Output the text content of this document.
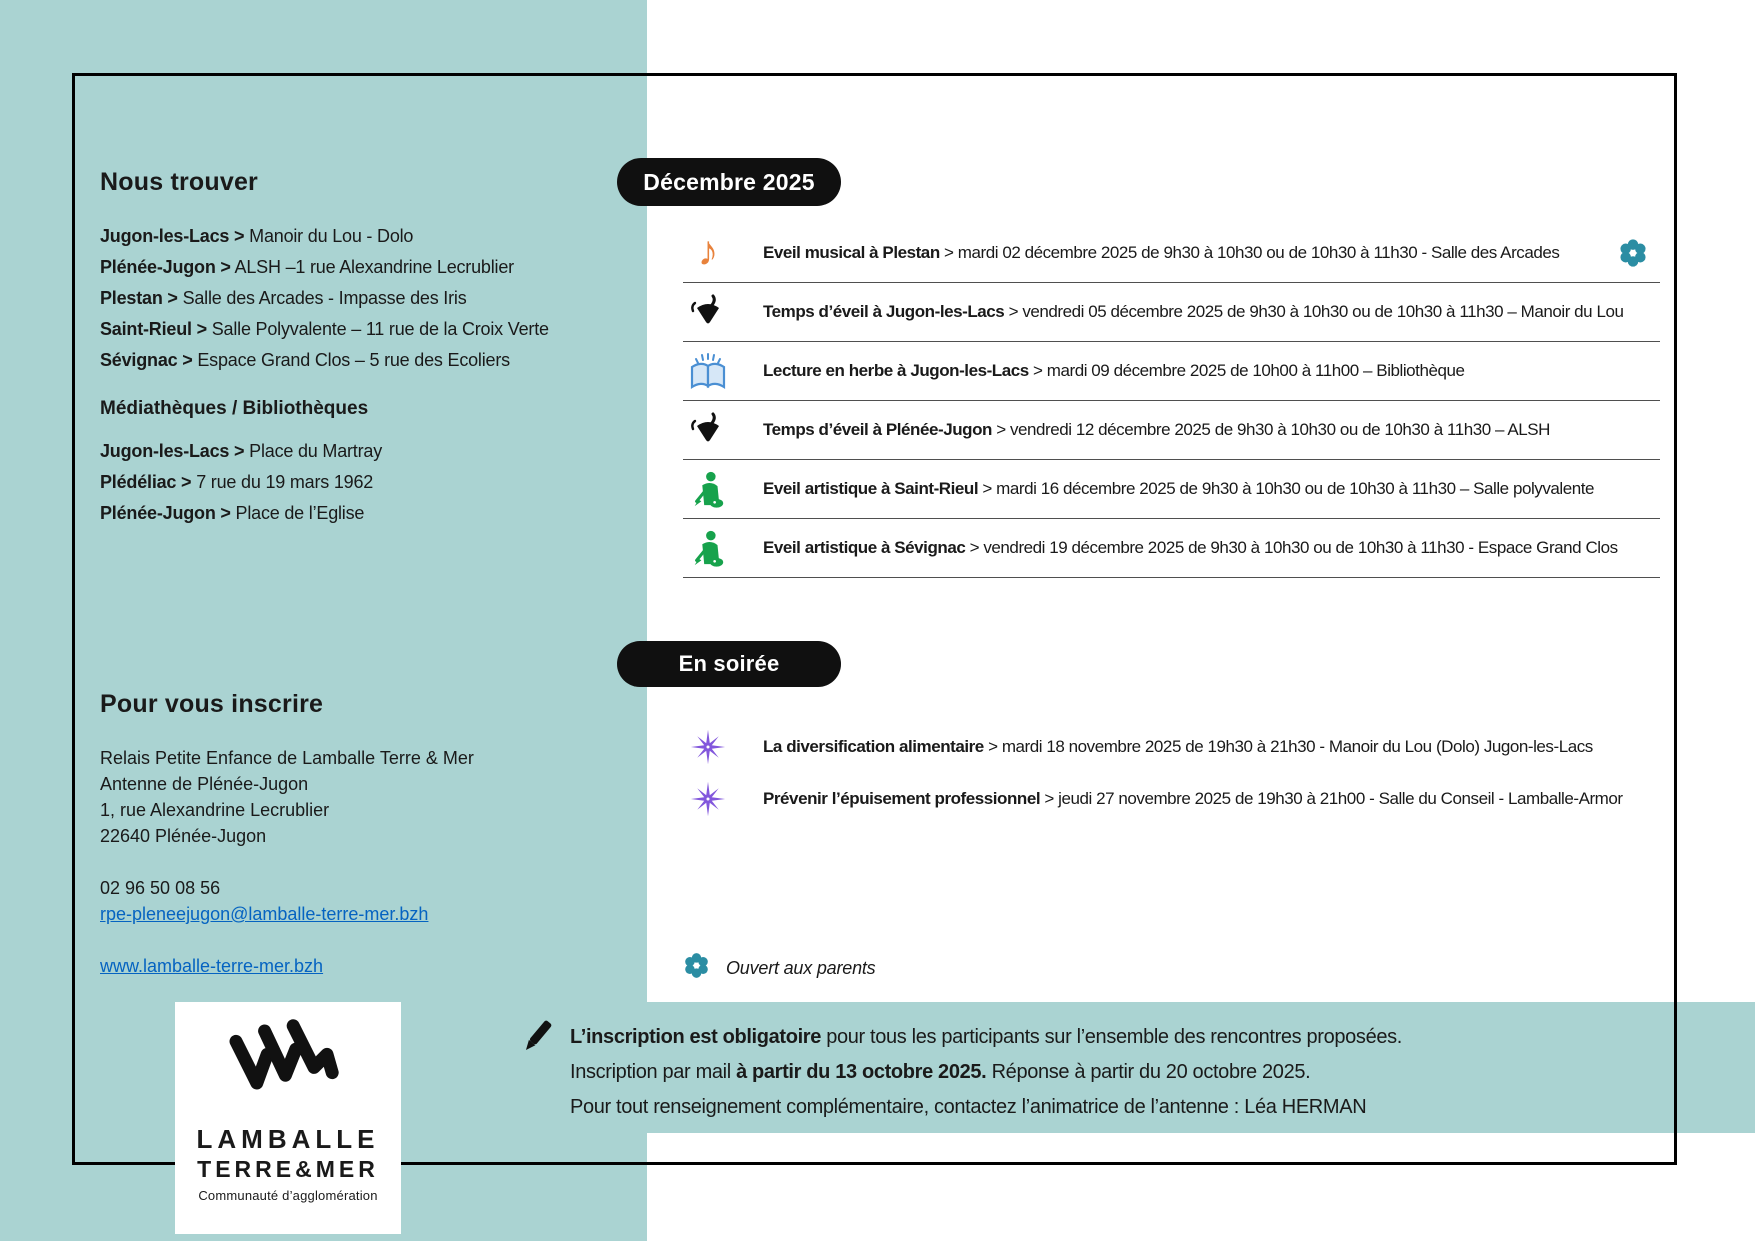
Nous trouver

Jugon-les-Lacs > Manoir du Lou - Dolo

Plénée-Jugon > ALSH –1 rue Alexandrine Lecrublier

Plestan > Salle des Arcades - Impasse des Iris

Saint-Rieul > Salle Polyvalente – 11 rue de la Croix Verte

Sévignac > Espace Grand Clos – 5 rue des Ecoliers

Médiathèques / Bibliothèques

Jugon-les-Lacs > Place du Martray

Plédéliac > 7 rue du 19 mars 1962

Plénée-Jugon > Place de l’Eglise

Pour vous inscrire
Relais Petite Enfance de Lamballe Terre & Mer
Antenne de Plénée-Jugon
1, rue Alexandrine Lecrublier
22640 Plénée-Jugon
02 96 50 08 56
rpe-pleneejugon@lamballe-terre-mer.bzh
www.lamballe-terre-mer.bzh
Décembre 2025
♪	Eveil musical à Plestan > mardi 02 décembre 2025 de 9h30 à 10h30 ou de 10h30 à 11h30 - Salle des Arcades
Temps d’éveil à Jugon-les-Lacs > vendredi 05 décembre 2025 de 9h30 à 10h30 ou de 10h30 à 11h30 – Manoir du Lou
Lecture en herbe à Jugon-les-Lacs > mardi 09 décembre 2025 de 10h00 à 11h00 – Bibliothèque
Temps d’éveil à Plénée-Jugon > vendredi 12 décembre 2025 de 9h30 à 10h30 ou de 10h30 à 11h30 – ALSH
Eveil artistique à Saint-Rieul > mardi 16 décembre 2025 de 9h30 à 10h30 ou de 10h30 à 11h30 – Salle polyvalente
Eveil artistique à Sévignac > vendredi 19 décembre 2025 de 9h30 à 10h30 ou de 10h30 à 11h30 - Espace Grand Clos
En soirée
La diversification alimentaire > mardi 18 novembre 2025 de 19h30 à 21h30 - Manoir du Lou (Dolo) Jugon-les-Lacs
Prévenir l’épuisement professionnel > jeudi 27 novembre 2025 de 19h30 à 21h00 - Salle du Conseil - Lamballe-Armor
Ouvert aux parents
L’inscription est obligatoire pour tous les participants sur l’ensemble des rencontres proposées.
Inscription par mail à partir du 13 octobre 2025. Réponse à partir du 20 octobre 2025.
Pour tout renseignement complémentaire, contactez l’animatrice de l’antenne : Léa HERMAN
LAMBALLE
TERRE&MER
Communauté d’agglomération
